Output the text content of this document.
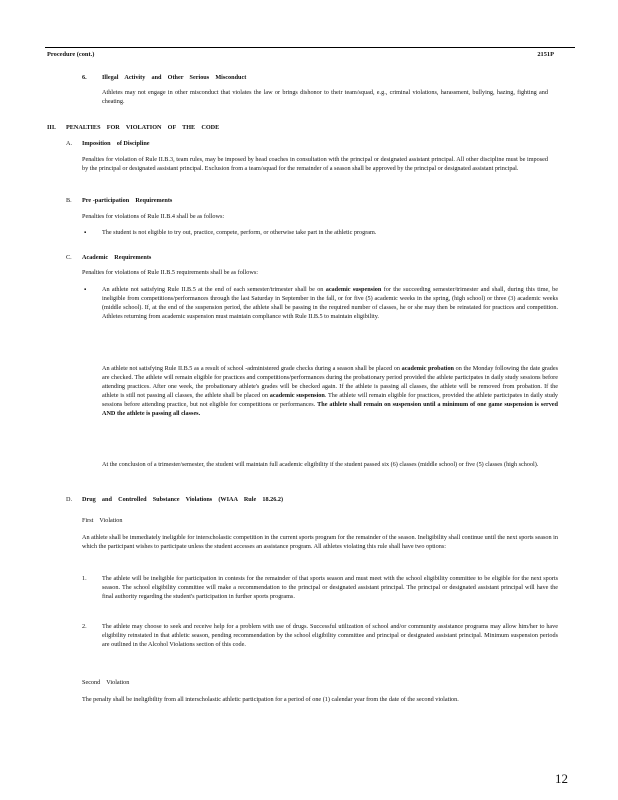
Procedure (cont.)	2151P
6. Illegal    Activity    and    Other    Serious    Misconduct

Athletes may not engage in other misconduct that violates the law or brings dishonor to their team/squad, e.g., criminal violations, harassment, bullying, hazing, fighting and cheating.

III. PENALTIES    FOR    VIOLATION    OF    THE    CODE
A. Imposition    of Discipline

Penalties for violation of Rule II.B.3, team rules, may be imposed by head coaches in consultation with the principal or designated assistant principal. All other discipline must be imposed by the principal or designated assistant principal. Exclusion from a team/squad for the remainder of a season shall be approved by the principal or designated assistant principal.

B. Pre -participation    Requirements

Penalties for violations of Rule II.B.4 shall be as follows:

▪	The student is not eligible to try out, practice, compete, perform, or otherwise take part in the athletic program.

C. Academic    Requirements

Penalties for violations of Rule II.B.5 requirements shall be as follows:

▪	An athlete not satisfying Rule II.B.5 at the end of each semester/trimester shall be on academic suspension for the succeeding semester/trimester and shall, during this time, be ineligible from competitions/performances through the last Saturday in September in the fall, or for five (5) academic weeks in the spring, (high school) or three (3) academic weeks (middle school). If, at the end of the suspension period, the athlete shall be passing in the required number of classes, he or she may then be reinstated for practices and competition. Athletes returning from academic suspension must maintain compliance with Rule II.B.5 to maintain eligibility.

An athlete not satisfying Rule II.B.5 as a result of school -administered grade checks during a season shall be placed on academic probation on the Monday following the date grades are checked. The athlete will remain eligible for practices and competitions/performances during the probationary period provided the athlete participates in daily study sessions before attending practices. After one week, the probationary athlete's grades will be checked again. If the athlete is passing all classes, the athlete will be removed from probation. If the athlete is still not passing all classes, the athlete shall be placed on academic suspension. The athlete will remain eligible for practices, provided the athlete participates in daily study sessions before attending practice, but not eligible for competitions or performances. The athlete shall remain on suspension until a minimum of one game suspension is served AND the athlete is passing all classes.

At the conclusion of a trimester/semester, the student will maintain full academic eligibility if the student passed six (6) classes (middle school) or five (5) classes (high school).

D. Drug    and    Controlled    Substance    Violations    (WIAA    Rule    18.26.2)
First    Violation

An athlete shall be immediately ineligible for interscholastic competition in the current sports program for the remainder of the season. Ineligibility shall continue until the next sports season in which the participant wishes to participate unless the student accesses an assistance program. All athletes violating this rule shall have two options:

1. The athlete will be ineligible for participation in contests for the remainder of that sports season and must meet with the school eligibility committee to be eligible for the next sports season. The school eligibility committee will make a recommendation to the principal or designated assistant principal. The principal or designated assistant principal will have the final authority regarding the student's participation in further sports programs.

2. The athlete may choose to seek and receive help for a problem with use of drugs. Successful utilization of school and/or community assistance programs may allow him/her to have eligibility reinstated in that athletic season, pending recommendation by the school eligibility committee and principal or designated assistant principal. Minimum suspension periods are outlined in the Alcohol Violations section of this code.

Second    Violation

The penalty shall be ineligibility from all interscholastic athletic participation for a period of one (1) calendar year from the date of the second violation.

12
